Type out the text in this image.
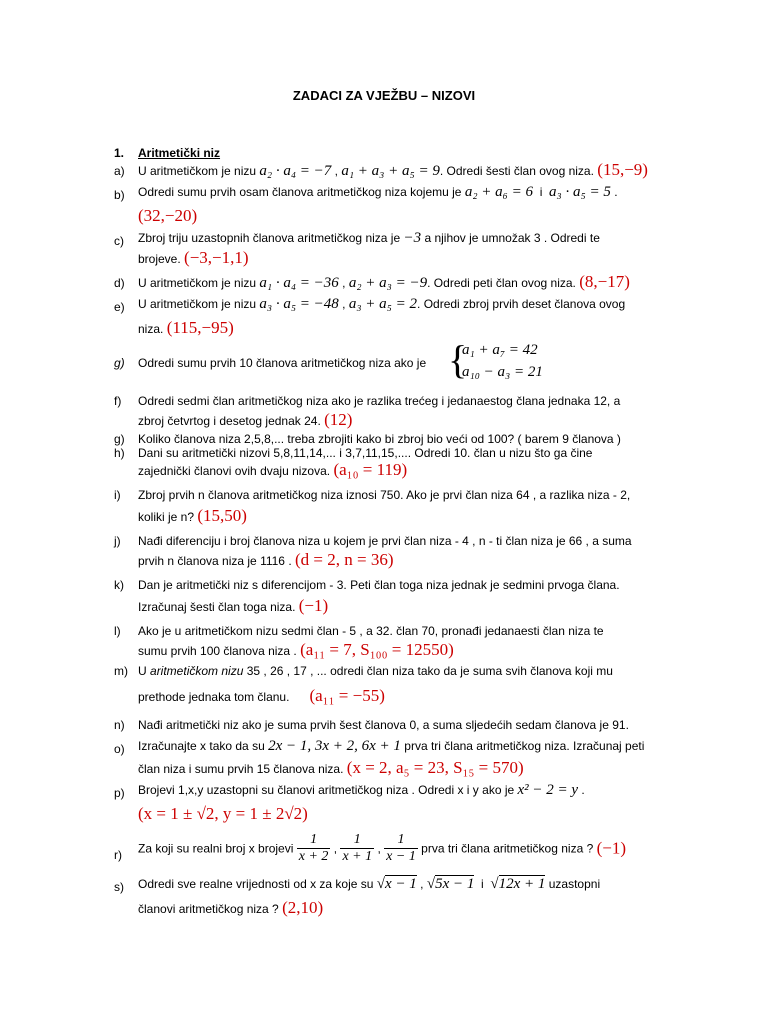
ZADACI ZA VJEŽBU – NIZOVI
1. Aritmetički niz
a) U aritmetičkom je nizu a₂ · a₄ = −7 , a₁ + a₃ + a₅ = 9. Odredi šesti član ovog niza. (15,−9)
b) Odredi sumu prvih osam članova aritmetičkog niza kojemu je a₂ + a₆ = 6 i a₃ · a₅ = 5 .
(32,−20)
c) Zbroj triju uzastopnih članova aritmetičkog niza je −3 a njihov je umnožak 3 . Odredi te
brojeve. (−3,−1,1)
d) U aritmetičkom je nizu a₁ · a₄ = −36 , a₂ + a₃ = −9. Odredi peti član ovog niza. (8,−17)
e) U aritmetičkom je nizu a₃ · a₅ = −48 , a₃ + a₅ = 2. Odredi zbroj prvih deset članova ovog
niza. (115,−95)
g) Odredi sumu prvih 10 članova aritmetičkog niza ako je {
a₁ + a₇ = 42
a₁₀ − a₃ = 21
f) Odredi sedmi član aritmetičkog niza ako je razlika trećeg i jedanaestog člana jednaka 12, a
zbroj četvrtog i desetog jednak 24. (12)
g) Koliko članova niza 2,5,8,... treba zbrojiti kako bi zbroj bio veći od 100? ( barem 9 članova )
h) Dani su aritmetički nizovi 5,8,11,14,... i 3,7,11,15,.... Odredi 10. član u nizu što ga čine
zajednički članovi ovih dvaju nizova. (a₁₀ = 119)
i) Zbroj prvih n članova aritmetičkog niza iznosi 750. Ako je prvi član niza 64 , a razlika niza - 2,
koliki je n? (15,50)
j) Nađi diferenciju i broj članova niza u kojem je prvi član niza - 4 , n - ti član niza je 66 , a suma
prvih n članova niza je 1116 . (d = 2, n = 36)
k) Dan je aritmetički niz s diferencijom - 3. Peti član toga niza jednak je sedmini prvoga člana.
Izračunaj šesti član toga niza. (−1)
l) Ako je u aritmetičkom nizu sedmi član - 5 , a 32. član 70, pronađi jedanaesti član niza te
sumu prvih 100 članova niza . (a₁₁ = 7, S₁₀₀ = 12550)
m) U aritmetičkom nizu 35 , 26 , 17 , ... odredi član niza tako da je suma svih članova koji mu
prethode jednaka tom članu. (a₁₁ = −55)
n) Nađi aritmetički niz ako je suma prvih šest članova 0, a suma sljedećih sedam članova je 91.
o) Izračunajte x tako da su 2x − 1, 3x + 2, 6x + 1 prva tri člana aritmetičkog niza. Izračunaj peti
član niza i sumu prvih 15 članova niza. (x = 2, a₅ = 23, S₁₅ = 570)
p) Brojevi 1,x,y uzastopni su članovi aritmetičkog niza . Odredi x i y ako je x² − 2 = y .
(x = 1 ± √2, y = 1 ± 2√2)
r) Za koji su realni broj x brojevi $\frac{1}{x + 2}$ , $\frac{1}{x + 1}$ , $\frac{1}{x - 1}$ prva tri člana aritmetičkog niza ? (−1)
s) Odredi sve realne vrijednosti od x za koje su √x − 1 , √5x − 1 i √12x + 1 uzastopni
članovi aritmetičkog niza ? (2,10)
